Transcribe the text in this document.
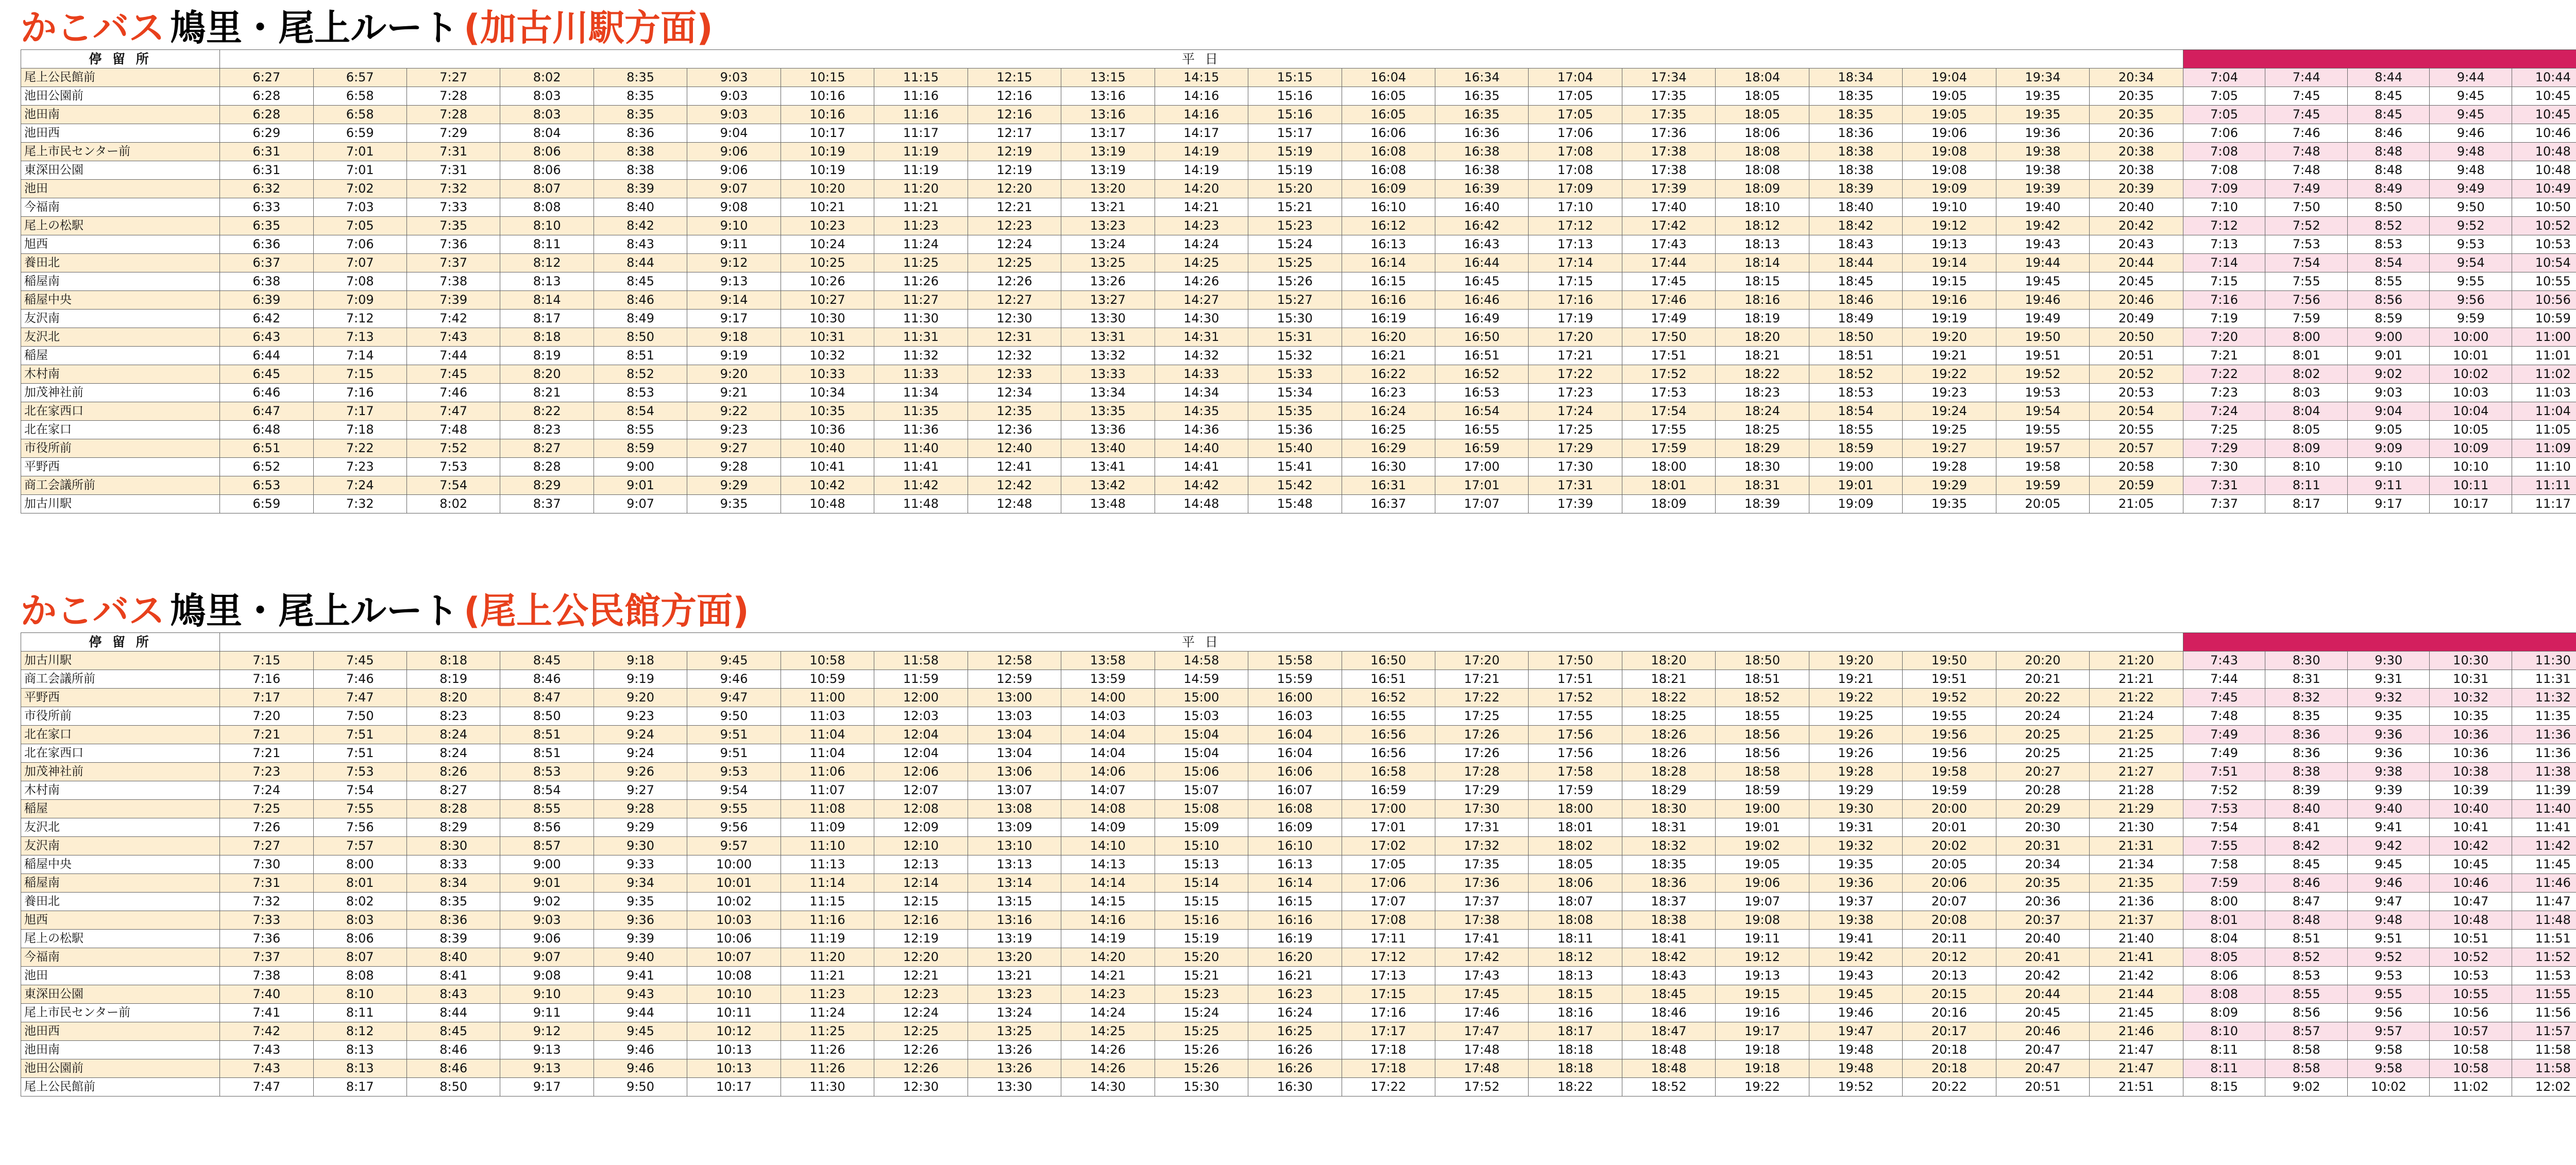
かこバス 鳩里・尾上ルート (加古川駅方面)
停 留 所	平 日	
尾上公民館前	6:27	6:57	7:27	8:02	8:35	9:03	10:15	11:15	12:15	13:15	14:15	15:15	16:04	16:34	17:04	17:34	18:04	18:34	19:04	19:34	20:34	7:04	7:44	8:44	9:44	10:44									
池田公園前	6:28	6:58	7:28	8:03	8:35	9:03	10:16	11:16	12:16	13:16	14:16	15:16	16:05	16:35	17:05	17:35	18:05	18:35	19:05	19:35	20:35	7:05	7:45	8:45	9:45	10:45									
池田南	6:28	6:58	7:28	8:03	8:35	9:03	10:16	11:16	12:16	13:16	14:16	15:16	16:05	16:35	17:05	17:35	18:05	18:35	19:05	19:35	20:35	7:05	7:45	8:45	9:45	10:45									
池田西	6:29	6:59	7:29	8:04	8:36	9:04	10:17	11:17	12:17	13:17	14:17	15:17	16:06	16:36	17:06	17:36	18:06	18:36	19:06	19:36	20:36	7:06	7:46	8:46	9:46	10:46									
尾上市民センター前	6:31	7:01	7:31	8:06	8:38	9:06	10:19	11:19	12:19	13:19	14:19	15:19	16:08	16:38	17:08	17:38	18:08	18:38	19:08	19:38	20:38	7:08	7:48	8:48	9:48	10:48									
東深田公園	6:31	7:01	7:31	8:06	8:38	9:06	10:19	11:19	12:19	13:19	14:19	15:19	16:08	16:38	17:08	17:38	18:08	18:38	19:08	19:38	20:38	7:08	7:48	8:48	9:48	10:48									
池田	6:32	7:02	7:32	8:07	8:39	9:07	10:20	11:20	12:20	13:20	14:20	15:20	16:09	16:39	17:09	17:39	18:09	18:39	19:09	19:39	20:39	7:09	7:49	8:49	9:49	10:49									
今福南	6:33	7:03	7:33	8:08	8:40	9:08	10:21	11:21	12:21	13:21	14:21	15:21	16:10	16:40	17:10	17:40	18:10	18:40	19:10	19:40	20:40	7:10	7:50	8:50	9:50	10:50									
尾上の松駅	6:35	7:05	7:35	8:10	8:42	9:10	10:23	11:23	12:23	13:23	14:23	15:23	16:12	16:42	17:12	17:42	18:12	18:42	19:12	19:42	20:42	7:12	7:52	8:52	9:52	10:52									
旭西	6:36	7:06	7:36	8:11	8:43	9:11	10:24	11:24	12:24	13:24	14:24	15:24	16:13	16:43	17:13	17:43	18:13	18:43	19:13	19:43	20:43	7:13	7:53	8:53	9:53	10:53									
養田北	6:37	7:07	7:37	8:12	8:44	9:12	10:25	11:25	12:25	13:25	14:25	15:25	16:14	16:44	17:14	17:44	18:14	18:44	19:14	19:44	20:44	7:14	7:54	8:54	9:54	10:54									
稲屋南	6:38	7:08	7:38	8:13	8:45	9:13	10:26	11:26	12:26	13:26	14:26	15:26	16:15	16:45	17:15	17:45	18:15	18:45	19:15	19:45	20:45	7:15	7:55	8:55	9:55	10:55									
稲屋中央	6:39	7:09	7:39	8:14	8:46	9:14	10:27	11:27	12:27	13:27	14:27	15:27	16:16	16:46	17:16	17:46	18:16	18:46	19:16	19:46	20:46	7:16	7:56	8:56	9:56	10:56									
友沢南	6:42	7:12	7:42	8:17	8:49	9:17	10:30	11:30	12:30	13:30	14:30	15:30	16:19	16:49	17:19	17:49	18:19	18:49	19:19	19:49	20:49	7:19	7:59	8:59	9:59	10:59									
友沢北	6:43	7:13	7:43	8:18	8:50	9:18	10:31	11:31	12:31	13:31	14:31	15:31	16:20	16:50	17:20	17:50	18:20	18:50	19:20	19:50	20:50	7:20	8:00	9:00	10:00	11:00									
稲屋	6:44	7:14	7:44	8:19	8:51	9:19	10:32	11:32	12:32	13:32	14:32	15:32	16:21	16:51	17:21	17:51	18:21	18:51	19:21	19:51	20:51	7:21	8:01	9:01	10:01	11:01									
木村南	6:45	7:15	7:45	8:20	8:52	9:20	10:33	11:33	12:33	13:33	14:33	15:33	16:22	16:52	17:22	17:52	18:22	18:52	19:22	19:52	20:52	7:22	8:02	9:02	10:02	11:02									
加茂神社前	6:46	7:16	7:46	8:21	8:53	9:21	10:34	11:34	12:34	13:34	14:34	15:34	16:23	16:53	17:23	17:53	18:23	18:53	19:23	19:53	20:53	7:23	8:03	9:03	10:03	11:03									
北在家西口	6:47	7:17	7:47	8:22	8:54	9:22	10:35	11:35	12:35	13:35	14:35	15:35	16:24	16:54	17:24	17:54	18:24	18:54	19:24	19:54	20:54	7:24	8:04	9:04	10:04	11:04									
北在家口	6:48	7:18	7:48	8:23	8:55	9:23	10:36	11:36	12:36	13:36	14:36	15:36	16:25	16:55	17:25	17:55	18:25	18:55	19:25	19:55	20:55	7:25	8:05	9:05	10:05	11:05									
市役所前	6:51	7:22	7:52	8:27	8:59	9:27	10:40	11:40	12:40	13:40	14:40	15:40	16:29	16:59	17:29	17:59	18:29	18:59	19:27	19:57	20:57	7:29	8:09	9:09	10:09	11:09									
平野西	6:52	7:23	7:53	8:28	9:00	9:28	10:41	11:41	12:41	13:41	14:41	15:41	16:30	17:00	17:30	18:00	18:30	19:00	19:28	19:58	20:58	7:30	8:10	9:10	10:10	11:10									
商工会議所前	6:53	7:24	7:54	8:29	9:01	9:29	10:42	11:42	12:42	13:42	14:42	15:42	16:31	17:01	17:31	18:01	18:31	19:01	19:29	19:59	20:59	7:31	8:11	9:11	10:11	11:11									
加古川駅	6:59	7:32	8:02	8:37	9:07	9:35	10:48	11:48	12:48	13:48	14:48	15:48	16:37	17:07	17:39	18:09	18:39	19:09	19:35	20:05	21:05	7:37	8:17	9:17	10:17	11:17									
かこバス 鳩里・尾上ルート (尾上公民館方面)
停 留 所	平 日	
加古川駅	7:15	7:45	8:18	8:45	9:18	9:45	10:58	11:58	12:58	13:58	14:58	15:58	16:50	17:20	17:50	18:20	18:50	19:20	19:50	20:20	21:20	7:43	8:30	9:30	10:30	11:30									
商工会議所前	7:16	7:46	8:19	8:46	9:19	9:46	10:59	11:59	12:59	13:59	14:59	15:59	16:51	17:21	17:51	18:21	18:51	19:21	19:51	20:21	21:21	7:44	8:31	9:31	10:31	11:31									
平野西	7:17	7:47	8:20	8:47	9:20	9:47	11:00	12:00	13:00	14:00	15:00	16:00	16:52	17:22	17:52	18:22	18:52	19:22	19:52	20:22	21:22	7:45	8:32	9:32	10:32	11:32									
市役所前	7:20	7:50	8:23	8:50	9:23	9:50	11:03	12:03	13:03	14:03	15:03	16:03	16:55	17:25	17:55	18:25	18:55	19:25	19:55	20:24	21:24	7:48	8:35	9:35	10:35	11:35									
北在家口	7:21	7:51	8:24	8:51	9:24	9:51	11:04	12:04	13:04	14:04	15:04	16:04	16:56	17:26	17:56	18:26	18:56	19:26	19:56	20:25	21:25	7:49	8:36	9:36	10:36	11:36									
北在家西口	7:21	7:51	8:24	8:51	9:24	9:51	11:04	12:04	13:04	14:04	15:04	16:04	16:56	17:26	17:56	18:26	18:56	19:26	19:56	20:25	21:25	7:49	8:36	9:36	10:36	11:36									
加茂神社前	7:23	7:53	8:26	8:53	9:26	9:53	11:06	12:06	13:06	14:06	15:06	16:06	16:58	17:28	17:58	18:28	18:58	19:28	19:58	20:27	21:27	7:51	8:38	9:38	10:38	11:38									
木村南	7:24	7:54	8:27	8:54	9:27	9:54	11:07	12:07	13:07	14:07	15:07	16:07	16:59	17:29	17:59	18:29	18:59	19:29	19:59	20:28	21:28	7:52	8:39	9:39	10:39	11:39									
稲屋	7:25	7:55	8:28	8:55	9:28	9:55	11:08	12:08	13:08	14:08	15:08	16:08	17:00	17:30	18:00	18:30	19:00	19:30	20:00	20:29	21:29	7:53	8:40	9:40	10:40	11:40									
友沢北	7:26	7:56	8:29	8:56	9:29	9:56	11:09	12:09	13:09	14:09	15:09	16:09	17:01	17:31	18:01	18:31	19:01	19:31	20:01	20:30	21:30	7:54	8:41	9:41	10:41	11:41									
友沢南	7:27	7:57	8:30	8:57	9:30	9:57	11:10	12:10	13:10	14:10	15:10	16:10	17:02	17:32	18:02	18:32	19:02	19:32	20:02	20:31	21:31	7:55	8:42	9:42	10:42	11:42									
稲屋中央	7:30	8:00	8:33	9:00	9:33	10:00	11:13	12:13	13:13	14:13	15:13	16:13	17:05	17:35	18:05	18:35	19:05	19:35	20:05	20:34	21:34	7:58	8:45	9:45	10:45	11:45									
稲屋南	7:31	8:01	8:34	9:01	9:34	10:01	11:14	12:14	13:14	14:14	15:14	16:14	17:06	17:36	18:06	18:36	19:06	19:36	20:06	20:35	21:35	7:59	8:46	9:46	10:46	11:46									
養田北	7:32	8:02	8:35	9:02	9:35	10:02	11:15	12:15	13:15	14:15	15:15	16:15	17:07	17:37	18:07	18:37	19:07	19:37	20:07	20:36	21:36	8:00	8:47	9:47	10:47	11:47									
旭西	7:33	8:03	8:36	9:03	9:36	10:03	11:16	12:16	13:16	14:16	15:16	16:16	17:08	17:38	18:08	18:38	19:08	19:38	20:08	20:37	21:37	8:01	8:48	9:48	10:48	11:48									
尾上の松駅	7:36	8:06	8:39	9:06	9:39	10:06	11:19	12:19	13:19	14:19	15:19	16:19	17:11	17:41	18:11	18:41	19:11	19:41	20:11	20:40	21:40	8:04	8:51	9:51	10:51	11:51									
今福南	7:37	8:07	8:40	9:07	9:40	10:07	11:20	12:20	13:20	14:20	15:20	16:20	17:12	17:42	18:12	18:42	19:12	19:42	20:12	20:41	21:41	8:05	8:52	9:52	10:52	11:52									
池田	7:38	8:08	8:41	9:08	9:41	10:08	11:21	12:21	13:21	14:21	15:21	16:21	17:13	17:43	18:13	18:43	19:13	19:43	20:13	20:42	21:42	8:06	8:53	9:53	10:53	11:53									
東深田公園	7:40	8:10	8:43	9:10	9:43	10:10	11:23	12:23	13:23	14:23	15:23	16:23	17:15	17:45	18:15	18:45	19:15	19:45	20:15	20:44	21:44	8:08	8:55	9:55	10:55	11:55									
尾上市民センター前	7:41	8:11	8:44	9:11	9:44	10:11	11:24	12:24	13:24	14:24	15:24	16:24	17:16	17:46	18:16	18:46	19:16	19:46	20:16	20:45	21:45	8:09	8:56	9:56	10:56	11:56									
池田西	7:42	8:12	8:45	9:12	9:45	10:12	11:25	12:25	13:25	14:25	15:25	16:25	17:17	17:47	18:17	18:47	19:17	19:47	20:17	20:46	21:46	8:10	8:57	9:57	10:57	11:57									
池田南	7:43	8:13	8:46	9:13	9:46	10:13	11:26	12:26	13:26	14:26	15:26	16:26	17:18	17:48	18:18	18:48	19:18	19:48	20:18	20:47	21:47	8:11	8:58	9:58	10:58	11:58									
池田公園前	7:43	8:13	8:46	9:13	9:46	10:13	11:26	12:26	13:26	14:26	15:26	16:26	17:18	17:48	18:18	18:48	19:18	19:48	20:18	20:47	21:47	8:11	8:58	9:58	10:58	11:58									
尾上公民館前	7:47	8:17	8:50	9:17	9:50	10:17	11:30	12:30	13:30	14:30	15:30	16:30	17:22	17:52	18:22	18:52	19:22	19:52	20:22	20:51	21:51	8:15	9:02	10:02	11:02	12:02									
